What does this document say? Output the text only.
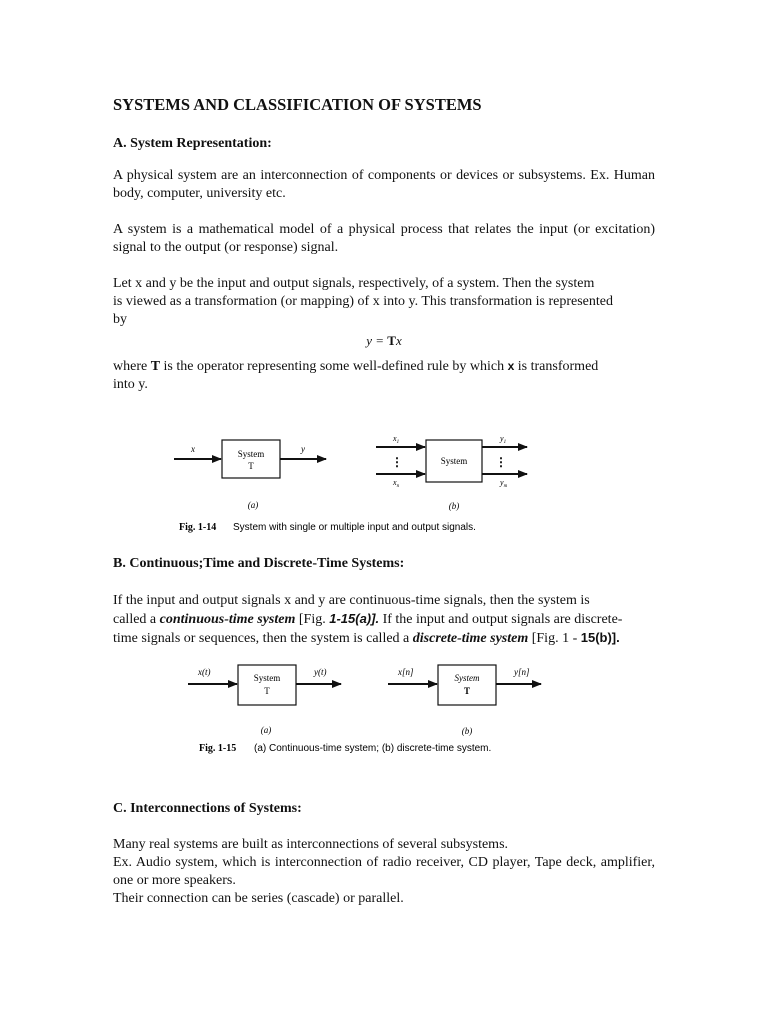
SYSTEMS AND CLASSIFICATION OF SYSTEMS

A. System Representation:

A physical system are an interconnection of components or devices or subsystems. Ex. Human body, computer, university etc.

A system is a mathematical model of a physical process that relates the input (or excitation) signal to the output (or response) signal.

Let x and y be the input and output signals, respectively, of a system. Then the system
is viewed as a transformation (or mapping) of x into y. This transformation is represented
by

y = Tx

where T is the operator representing some well-defined rule by which x is transformed
into y.

x	y
System
T
(a)
System
$x_1$
$x_n$
$y_1$
$y_m$
⋮	⋮
(b)
Fig. 1-14 System with single or multiple input and output signals.

B. Continuous;Time and Discrete-Time Systems:

If the input and output signals x and y are continuous-time signals, then the system is
called a continuous-time system [Fig. 1-15(a)]. If the input and output signals are discrete-
time signals or sequences, then the system is called a discrete-time system [Fig. 1 - 15(b)].

x(t)	y(t)
System
T
(a)
x[n]	y[n]
System
T
(b)
Fig. 1-15 (a) Continuous-time system; (b) discrete-time system.

C. Interconnections of Systems:

Many real systems are built as interconnections of several subsystems.

Ex. Audio system, which is interconnection of radio receiver, CD player, Tape deck, amplifier, one or more speakers.

Their connection can be series (cascade) or parallel.
